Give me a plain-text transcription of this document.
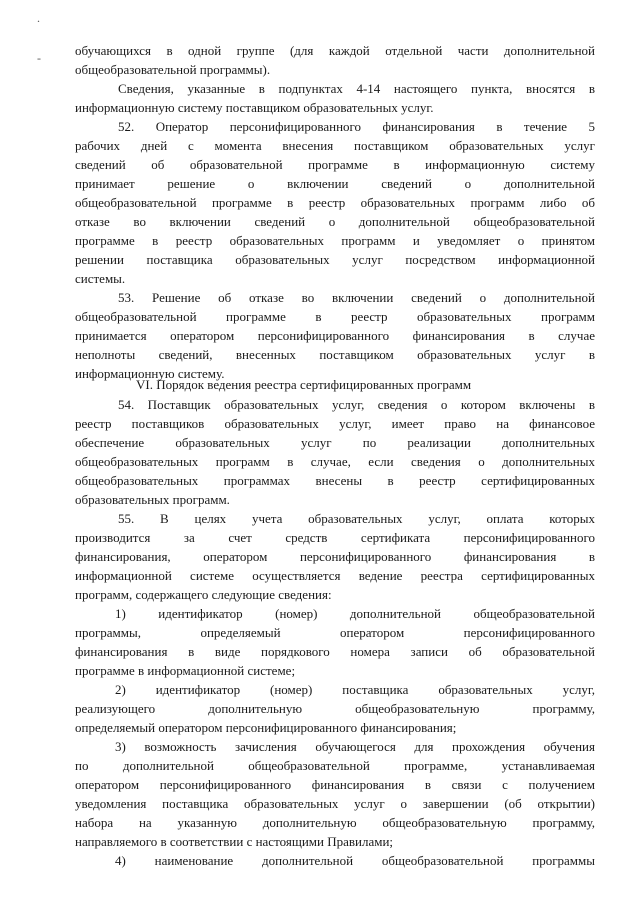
.
-	обучающихся в одной группе (для каждой отдельной части дополнительной
общеобразовательной программы).
Сведения, указанные в подпунктах 4-14 настоящего пункта, вносятся в
информационную систему поставщиком образовательных услуг.
52. Оператор персонифицированного финансирования в течение 5
рабочих дней с момента внесения поставщиком образовательных услуг
сведений об образовательной программе в информационную систему
принимает решение о включении сведений о дополнительной
общеобразовательной программе в реестр образовательных программ либо об
отказе во включении сведений о дополнительной общеобразовательной
программе в реестр образовательных программ и уведомляет о принятом
решении поставщика образовательных услуг посредством информационной
системы.
53. Решение об отказе во включении сведений о дополнительной
общеобразовательной программе в реестр образовательных программ
принимается оператором персонифицированного финансирования в случае
неполноты сведений, внесенных поставщиком образовательных услуг в
информационную систему.
VI. Порядок ведения реестра сертифицированных программ
54. Поставщик образовательных услуг, сведения о котором включены в
реестр поставщиков образовательных услуг, имеет право на финансовое
обеспечение образовательных услуг по реализации дополнительных
общеобразовательных программ в случае, если сведения о дополнительных
общеобразовательных программах внесены в реестр сертифицированных
образовательных программ.
55. В целях учета образовательных услуг, оплата которых
производится за счет средств сертификата персонифицированного
финансирования, оператором персонифицированного финансирования в
информационной системе осуществляется ведение реестра сертифицированных
программ, содержащего следующие сведения:
1) идентификатор (номер) дополнительной общеобразовательной
программы, определяемый оператором персонифицированного
финансирования в виде порядкового номера записи об образовательной
программе в информационной системе;
2) идентификатор (номер) поставщика образовательных услуг,
реализующего дополнительную общеобразовательную программу,
определяемый оператором персонифицированного финансирования;
3) возможность зачисления обучающегося для прохождения обучения
по дополнительной общеобразовательной программе, устанавливаемая
оператором персонифицированного финансирования в связи с получением
уведомления поставщика образовательных услуг о завершении (об открытии)
набора на указанную дополнительную общеобразовательную программу,
направляемого в соответствии с настоящими Правилами;
4) наименование дополнительной общеобразовательной программы
